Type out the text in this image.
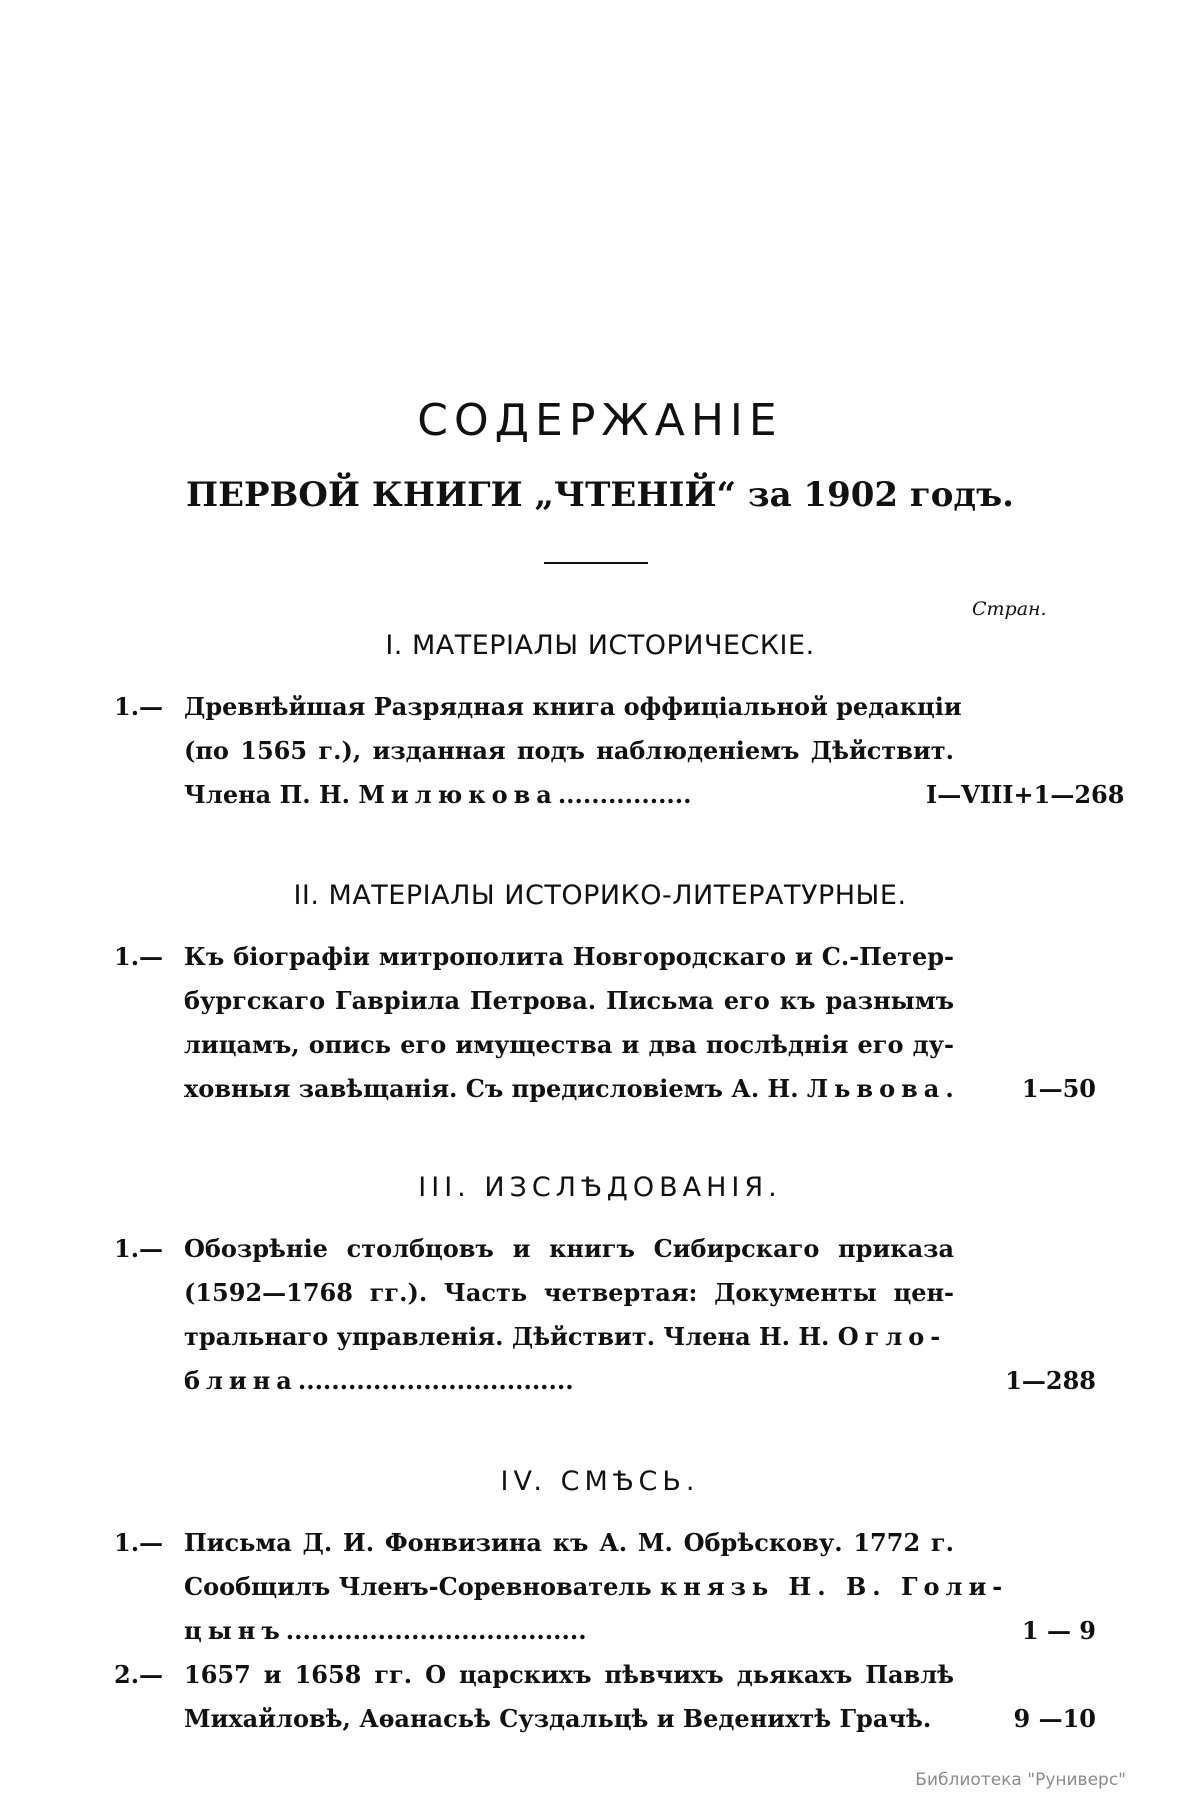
СОДЕРЖАНІЕ
ПЕРВОЙ КНИГИ „ЧТЕНІЙ“ за 1902 годъ.
Стран.
I. МАТЕРІАЛЫ ИСТОРИЧЕСКІЕ.
1.— Древнѣйшая Разрядная книга оффиціальной редакціи
(по 1565 г.), изданная подъ наблюденіемъ Дѣйствит.
Членa П. Н. Милюкова................	I—VIII+1—268
II. МАТЕРІАЛЫ ИСТОРИКО-ЛИТЕРАТУРНЫЕ.
1.— Къ біографіи митрополита Новгородскаго и С.-Петер-
бургскаго Гавріила Петрова. Письма его къ разнымъ
лицамъ, опись его имущества и два послѣднія его ду-
ховныя завѣщанія. Съ предисловіемъ А. Н. Львова.	1—50
III. ИЗСЛѢДОВАНІЯ.
1.— Обозрѣніе столбцовъ и книгъ Сибирскаго приказа
(1592—1768 гг.). Часть четвертая: Документы цен-
тральнаго управленія. Дѣйствит. Члена Н. Н. Огло-
блина.................................	1—288
IV. СМѢСЬ.
1.— Письма Д. И. Фонвизина къ А. М. Обрѣскову. 1772 г.
Сообщилъ Членъ-Соревнователь князь Н. В. Голи-
цынъ....................................	1 — 9
2.— 1657 и 1658 гг. О царскихъ пѣвчихъ дьякахъ Павлѣ
Михайловѣ, Аѳанасьѣ Суздальцѣ и Веденихтѣ Грачѣ.	9 —10
Библиотека "Руниверс"
